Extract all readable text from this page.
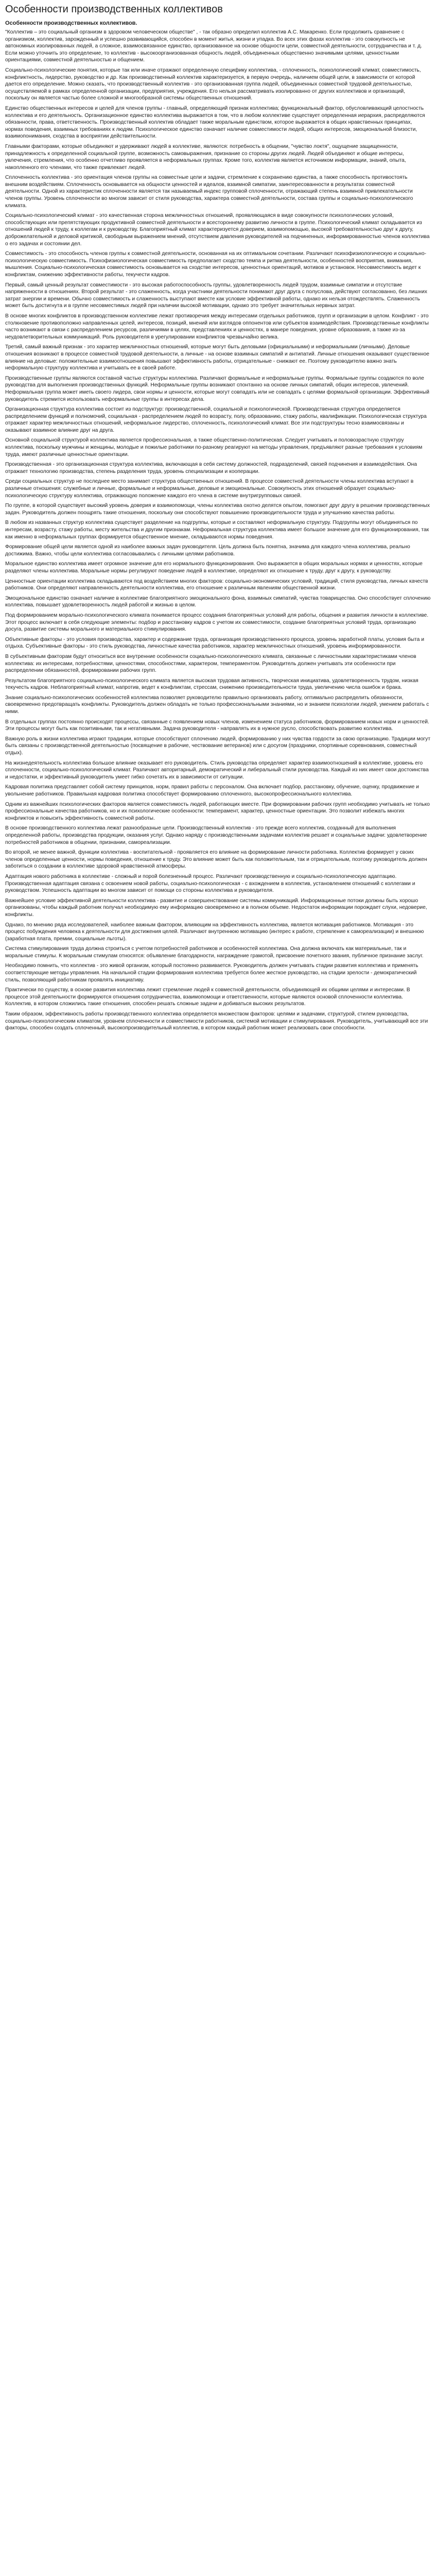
Особенности производственных коллективов
Особенности производственных коллективов.

"Коллектив – это социальный организм в здоровом человеческом обществе" , - так образно определил коллектив А.С. Макаренко. Если продолжить сравнение с организмом, коллектив, зарожденный и успешно развивающийся, способен в момент житья, жизни и упадка. Во всех этих фазах коллектив - это совокупность не автономных изолированных людей, а сложное, взаимосвязанное единство, организованное на основе общности цели, совместной деятельности, сотрудничества и т. д. Если можно уточнить это определение, то коллектив - высокоорганизованная общность людей, объединенных общественно значимыми целями, ценностными ориентациями, совместной деятельностью и общением.

Социально-психологические понятия, которые так или иначе отражают определенную специфику коллектива, - сплоченность, психологический климат, совместимость, конфликтность, лидерство, руководство и др. Как производственный коллектив характеризуется, в первую очередь, наличием общей цели, в зависимости от которой дается его определение. Можно сказать, что производственный коллектив - это организованная группа людей, объединенных совместной трудовой деятельностью, осуществляемой в рамках определенной организации, предприятия, учреждения. Его нельзя рассматривать изолированно от других коллективов и организаций, поскольку он является частью более сложной и многообразной системы общественных отношений.

Единство общественных интересов и целей для членов группы - главный, определяющий признак коллектива; функциональный фактор, обусловливающий целостность коллектива и его деятельность. Организационное единство коллектива выражается в том, что в любом коллективе существует определенная иерархия, распределяются обязанности, права, ответственность. Производственный коллектив обладает также моральным единством, которое выражается в общих нравственных принципах, нормах поведения, взаимных требованиях к людям. Психологическое единство означает наличие совместимости людей, общих интересов, эмоциональной близости, взаимопонимания, сходства в восприятии действительности.

Главными факторами, которые объединяют и удерживают людей в коллективе, являются: потребность в общении, "чувство локтя", ощущение защищенности, принадлежность к определенной социальной группе, возможность самовыражения, признание со стороны других людей. Людей объединяют и общие интересы, увлечения, стремления, что особенно отчетливо проявляется в неформальных группах. Кроме того, коллектив является источником информации, знаний, опыта, накопленного его членами, что также привлекает людей.

Сплоченность коллектива - это ориентация членов группы на совместные цели и задачи, стремление к сохранению единства, а также способность противостоять внешним воздействиям. Сплоченность основывается на общности ценностей и идеалов, взаимной симпатии, заинтересованности в результатах совместной деятельности. Одной из характеристик сплоченности является так называемый индекс групповой сплоченности, отражающий степень взаимной привлекательности членов группы. Уровень сплоченности во многом зависит от стиля руководства, характера совместной деятельности, состава группы и социально-психологического климата.

Социально-психологический климат - это качественная сторона межличностных отношений, проявляющаяся в виде совокупности психологических условий, способствующих или препятствующих продуктивной совместной деятельности и всестороннему развитию личности в группе. Психологический климат складывается из отношений людей к труду, к коллегам и к руководству. Благоприятный климат характеризуется доверием, взаимопомощью, высокой требовательностью друг к другу, доброжелательной и деловой критикой, свободным выражением мнений, отсутствием давления руководителей на подчиненных, информированностью членов коллектива о его задачах и состоянии дел.

Совместимость - это способность членов группы к совместной деятельности, основанная на их оптимальном сочетании. Различают психофизиологическую и социально-психологическую совместимость. Психофизиологическая совместимость предполагает сходство темпа и ритма деятельности, особенностей восприятия, внимания, мышления. Социально-психологическая совместимость основывается на сходстве интересов, ценностных ориентаций, мотивов и установок. Несовместимость ведет к конфликтам, снижению эффективности работы, текучести кадров.

Первый, самый ценный результат совместимости - это высокая работоспособность группы, удовлетворенность людей трудом, взаимные симпатии и отсутствие напряженности в отношениях. Второй результат - это слаженность, когда участники деятельности понимают друг друга с полуслова, действуют согласованно, без лишних затрат энергии и времени. Обычно совместимость и слаженность выступают вместе как условие эффективной работы, однако их нельзя отождествлять. Слаженность может быть достигнута и в группе несовместимых людей при наличии высокой мотивации, однако это требует значительных нервных затрат.

В основе многих конфликтов в производственном коллективе лежат противоречия между интересами отдельных работников, групп и организации в целом. Конфликт - это столкновение противоположно направленных целей, интересов, позиций, мнений или взглядов оппонентов или субъектов взаимодействия. Производственные конфликты часто возникают в связи с распределением ресурсов, различиями в целях, представлениях и ценностях, в манере поведения, уровне образования, а также из-за неудовлетворительных коммуникаций. Роль руководителя в урегулировании конфликтов чрезвычайно велика.

Третий, самый важный признак - это характер межличностных отношений, которые могут быть деловыми (официальными) и неформальными (личными). Деловые отношения возникают в процессе совместной трудовой деятельности, а личные - на основе взаимных симпатий и антипатий. Личные отношения оказывают существенное влияние на деловые: положительные взаимоотношения повышают эффективность работы, отрицательные - снижают ее. Поэтому руководителю важно знать неформальную структуру коллектива и учитывать ее в своей работе.

Производственные группы являются составной частью структуры коллектива. Различают формальные и неформальные группы. Формальные группы создаются по воле руководства для выполнения производственных функций. Неформальные группы возникают спонтанно на основе личных симпатий, общих интересов, увлечений. Неформальная группа может иметь своего лидера, свои нормы и ценности, которые могут совпадать или не совпадать с целями формальной организации. Эффективный руководитель стремится использовать неформальные группы в интересах дела.

Организационная структура коллектива состоит из подструктур: производственной, социальной и психологической. Производственная структура определяется распределением функций и полномочий, социальная - распределением людей по возрасту, полу, образованию, стажу работы, квалификации. Психологическая структура отражает характер межличностных отношений, неформальное лидерство, сплоченность, психологический климат. Все эти подструктуры тесно взаимосвязаны и оказывают взаимное влияние друг на друга.

Основной социальной структурой коллектива является профессиональная, а также общественно-политическая. Следует учитывать и половозрастную структуру коллектива, поскольку мужчины и женщины, молодые и пожилые работники по-разному реагируют на методы управления, предъявляют разные требования к условиям труда, имеют различные ценностные ориентации.

Производственная - это организационная структура коллектива, включающая в себя систему должностей, подразделений, связей подчинения и взаимодействия. Она отражает технологию производства, степень разделения труда, уровень специализации и кооперации.

Среди социальных структур не последнее место занимает структура общественных отношений. В процессе совместной деятельности члены коллектива вступают в различные отношения: служебные и личные, формальные и неформальные, деловые и эмоциональные. Совокупность этих отношений образует социально-психологическую структуру коллектива, отражающую положение каждого его члена в системе внутригрупповых связей.

По группе, в которой существует высокий уровень доверия и взаимопомощи, члены коллектива охотно делятся опытом, помогают друг другу в решении производственных задач. Руководитель должен поощрять такие отношения, поскольку они способствуют повышению производительности труда и улучшению качества работы.

В любом из названных структур коллектива существует разделение на подгруппы, которые и составляют неформальную структуру. Подгруппы могут объединяться по интересам, возрасту, стажу работы, месту жительства и другим признакам. Неформальная структура коллектива имеет большое значение для его функционирования, так как именно в неформальных группах формируется общественное мнение, складываются нормы поведения.

Формирование общей цели является одной из наиболее важных задач руководителя. Цель должна быть понятна, значима для каждого члена коллектива, реально достижима. Важно, чтобы цели коллектива согласовывались с личными целями работников.

Моральное единство коллектива имеет огромное значение для его нормального функционирования. Оно выражается в общих моральных нормах и ценностях, которые разделяют члены коллектива. Моральные нормы регулируют поведение людей в коллективе, определяют их отношение к труду, друг к другу, к руководству.

Ценностные ориентации коллектива складываются под воздействием многих факторов: социально-экономических условий, традиций, стиля руководства, личных качеств работников. Они определяют направленность деятельности коллектива, его отношение к различным явлениям общественной жизни.

Эмоциональное единство означает наличие в коллективе благоприятного эмоционального фона, взаимных симпатий, чувства товарищества. Оно способствует сплочению коллектива, повышает удовлетворенность людей работой и жизнью в целом.

Под формированием морально-психологического климата понимается процесс создания благоприятных условий для работы, общения и развития личности в коллективе. Этот процесс включает в себя следующие элементы: подбор и расстановку кадров с учетом их совместимости, создание благоприятных условий труда, организацию досуга, развитие системы морального и материального стимулирования.

Объективные факторы - это условия производства, характер и содержание труда, организация производственного процесса, уровень заработной платы, условия быта и отдыха. Субъективные факторы - это стиль руководства, личностные качества работников, характер межличностных отношений, уровень информированности.

В субъективным факторам будут относиться все внутренние особенности социально-психологического климата, связанные с личностными характеристиками членов коллектива: их интересами, потребностями, ценностями, способностями, характером, темпераментом. Руководитель должен учитывать эти особенности при распределении обязанностей, формировании рабочих групп.

Результатом благоприятного социально-психологического климата является высокая трудовая активность, творческая инициатива, удовлетворенность трудом, низкая текучесть кадров. Неблагоприятный климат, напротив, ведет к конфликтам, стрессам, снижению производительности труда, увеличению числа ошибок и брака.

Знание социально-психологических особенностей коллектива позволяет руководителю правильно организовать работу, оптимально распределить обязанности, своевременно предотвращать конфликты. Руководитель должен обладать не только профессиональными знаниями, но и знанием психологии людей, умением работать с ними.

В отдельных группах постоянно происходят процессы, связанные с появлением новых членов, изменением статуса работников, формированием новых норм и ценностей. Эти процессы могут быть как позитивными, так и негативными. Задача руководителя - направлять их в нужное русло, способствовать развитию коллектива.

Важную роль в жизни коллектива играют традиции, которые способствуют сплочению людей, формированию у них чувства гордости за свою организацию. Традиции могут быть связаны с производственной деятельностью (посвящение в рабочие, чествование ветеранов) или с досугом (праздники, спортивные соревнования, совместный отдых).

На жизнедеятельность коллектива большое влияние оказывает его руководитель. Стиль руководства определяет характер взаимоотношений в коллективе, уровень его сплоченности, социально-психологический климат. Различают авторитарный, демократический и либеральный стили руководства. Каждый из них имеет свои достоинства и недостатки, и эффективный руководитель умеет гибко сочетать их в зависимости от ситуации.

Кадровая политика представляет собой систему принципов, норм, правил работы с персоналом. Она включает подбор, расстановку, обучение, оценку, продвижение и увольнение работников. Правильная кадровая политика способствует формированию сплоченного, высокопрофессионального коллектива.

Одним из важнейших психологических факторов является совместимость людей, работающих вместе. При формировании рабочих групп необходимо учитывать не только профессиональные качества работников, но и их психологические особенности: темперамент, характер, ценностные ориентации. Это позволит избежать многих конфликтов и повысить эффективность совместной работы.

В основе производственного коллектива лежат разнообразные цели. Производственный коллектив - это прежде всего коллектив, созданный для выполнения определенной работы, производства продукции, оказания услуг. Однако наряду с производственными задачами коллектив решает и социальные задачи: удовлетворение потребностей работников в общении, признании, самореализации.

Во второй, не менее важной, функции коллектива - воспитательной - проявляется его влияние на формирование личности работника. Коллектив формирует у своих членов определенные ценности, нормы поведения, отношение к труду. Это влияние может быть как положительным, так и отрицательным, поэтому руководитель должен заботиться о создании в коллективе здоровой нравственной атмосферы.

Адаптация нового работника в коллективе - сложный и порой болезненный процесс. Различают производственную и социально-психологическую адаптацию. Производственная адаптация связана с освоением новой работы, социально-психологическая - с вхождением в коллектив, установлением отношений с коллегами и руководством. Успешность адаптации во многом зависит от помощи со стороны коллектива и руководителя.

Важнейшее условие эффективной деятельности коллектива - развитие и совершенствование системы коммуникаций. Информационные потоки должны быть хорошо организованы, чтобы каждый работник получал необходимую ему информацию своевременно и в полном объеме. Недостаток информации порождает слухи, недоверие, конфликты.

Однако, по мнению ряда исследователей, наиболее важным фактором, влияющим на эффективность коллектива, является мотивация работников. Мотивация - это процесс побуждения человека к деятельности для достижения целей. Различают внутреннюю мотивацию (интерес к работе, стремление к самореализации) и внешнюю (заработная плата, премии, социальные льготы).

Система стимулирования труда должна строиться с учетом потребностей работников и особенностей коллектива. Она должна включать как материальные, так и моральные стимулы. К моральным стимулам относятся: объявление благодарности, награждение грамотой, присвоение почетного звания, публичное признание заслуг.

Необходимо помнить, что коллектив - это живой организм, который постоянно развивается. Руководитель должен учитывать стадии развития коллектива и применять соответствующие методы управления. На начальной стадии формирования коллектива требуется более жесткое руководство, на стадии зрелости - демократический стиль, позволяющий работникам проявлять инициативу.

Практически по существу, в основе развития коллектива лежит стремление людей к совместной деятельности, объединяющей их общими целями и интересами. В процессе этой деятельности формируются отношения сотрудничества, взаимопомощи и ответственности, которые являются основой сплоченности коллектива. Коллектив, в котором сложились такие отношения, способен решать сложные задачи и добиваться высоких результатов.

Таким образом, эффективность работы производственного коллектива определяется множеством факторов: целями и задачами, структурой, стилем руководства, социально-психологическим климатом, уровнем сплоченности и совместимости работников, системой мотивации и стимулирования. Руководитель, учитывающий все эти факторы, способен создать сплоченный, высокопроизводительный коллектив, в котором каждый работник может реализовать свои способности.
